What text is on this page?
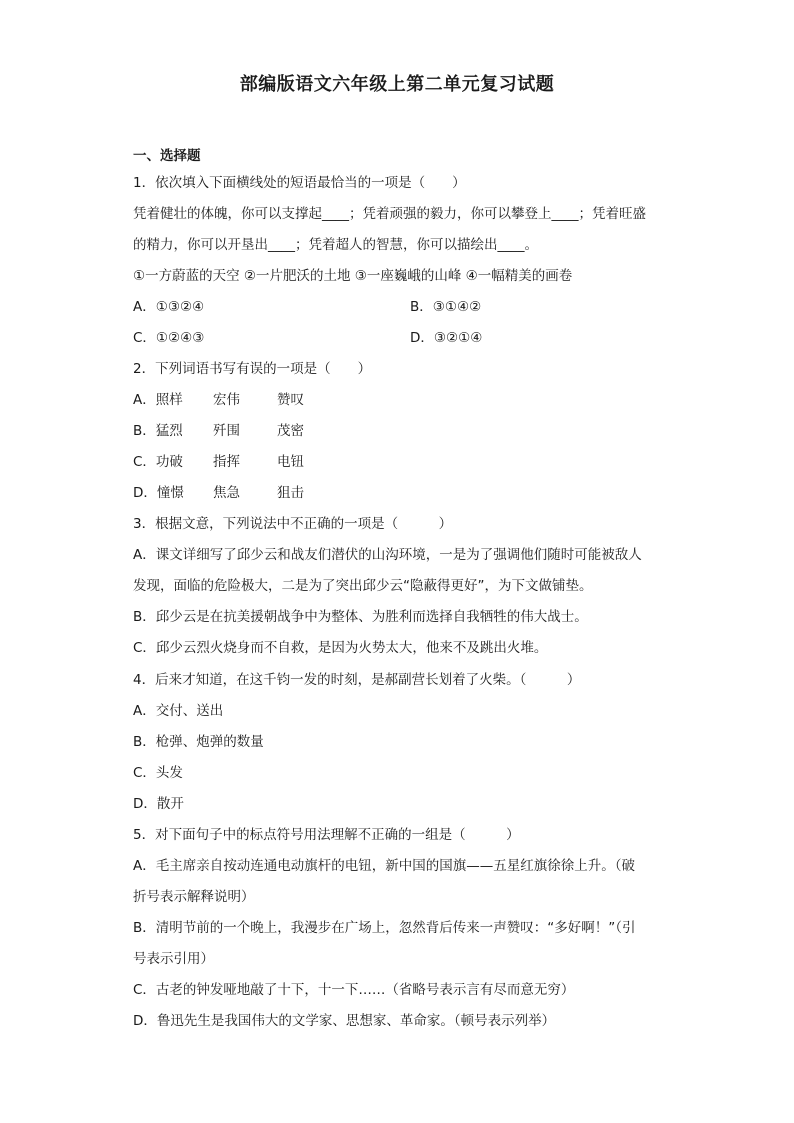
部编版语文六年级上第二单元复习试题
一、选择题
1．依次填入下面横线处的短语最恰当的一项是（　　）
凭着健壮的体魄，你可以支撑起____；凭着顽强的毅力，你可以攀登上____；凭着旺盛
的精力，你可以开垦出____；凭着超人的智慧，你可以描绘出____。
①一方蔚蓝的天空 ②一片肥沃的土地 ③一座巍峨的山峰 ④一幅精美的画卷
A．①③②④	B．③①④②
C．①②④③	D．③②①④
2．下列词语书写有误的一项是（　　）
A．照样 宏伟	赞叹
B．猛烈 歼围	茂密
C．功破 指挥	电钮
D．憧憬 焦急	狙击
3．根据文意，下列说法中不正确的一项是（　　　）
A．课文详细写了邱少云和战友们潜伏的山沟环境，一是为了强调他们随时可能被敌人
发现，面临的危险极大，二是为了突出邱少云“隐蔽得更好”，为下文做铺垫。
B．邱少云是在抗美援朝战争中为整体、为胜利而选择自我牺牲的伟大战士。
C．邱少云烈火烧身而不自救，是因为火势太大，他来不及跳出火堆。
4．后来才知道，在这千钧一发的时刻，是郝副营长划着了火柴。（　　　）
A．交付、送出
B．枪弹、炮弹的数量
C．头发
D．散开
5．对下面句子中的标点符号用法理解不正确的一组是（　　　）
A．毛主席亲自按动连通电动旗杆的电钮，新中国的国旗——五星红旗徐徐上升。（破
折号表示解释说明）
B．清明节前的一个晚上，我漫步在广场上，忽然背后传来一声赞叹：“多好啊！”（引
号表示引用）
C．古老的钟发哑地敲了十下，十一下……（省略号表示言有尽而意无穷）
D．鲁迅先生是我国伟大的文学家、思想家、革命家。（顿号表示列举）
